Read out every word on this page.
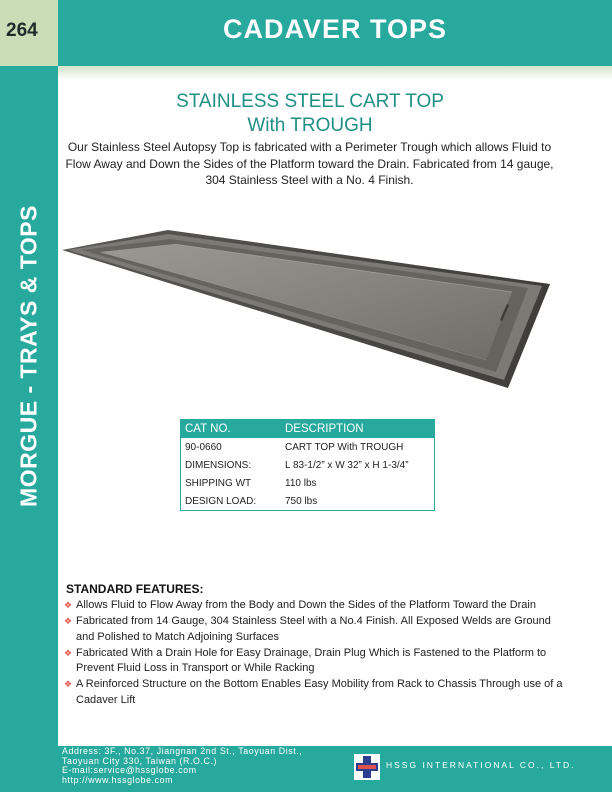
264	CADAVER TOPS
MORGUE - TRAYS & TOPS
STAINLESS STEEL CART TOP
With TROUGH
Our Stainless Steel Autopsy Top is fabricated with a Perimeter Trough which allows Fluid to Flow Away and Down the Sides of the Platform toward the Drain. Fabricated from 14 gauge, 304 Stainless Steel with a No. 4 Finish.
CAT NO.	DESCRIPTION
90-0660	CART TOP With TROUGH
DIMENSIONS:	L 83-1/2” x W 32” x H 1-3/4”
SHIPPING WT	110 lbs
DESIGN LOAD:	750 lbs
STANDARD FEATURES:
❖ Allows Fluid to Flow Away from the Body and Down the Sides of the Platform Toward the Drain
❖ Fabricated from 14 Gauge, 304 Stainless Steel with a No.4 Finish. All Exposed Welds are Ground and Polished to Match Adjoining Surfaces
❖ Fabricated With a Drain Hole for Easy Drainage, Drain Plug Which is Fastened to the Platform to Prevent Fluid Loss in Transport or While Racking
❖ A Reinforced Structure on the Bottom Enables Easy Mobility from Rack to Chassis Through use of a Cadaver Lift
Address: 3F., No.37, Jiangnan 2nd St., Taoyuan Dist.,
Taoyuan City 330, Taiwan (R.O.C.)
E-mail:service@hssglobe.com
http://www.hssglobe.com
HSSG INTERNATIONAL CO., LTD.
